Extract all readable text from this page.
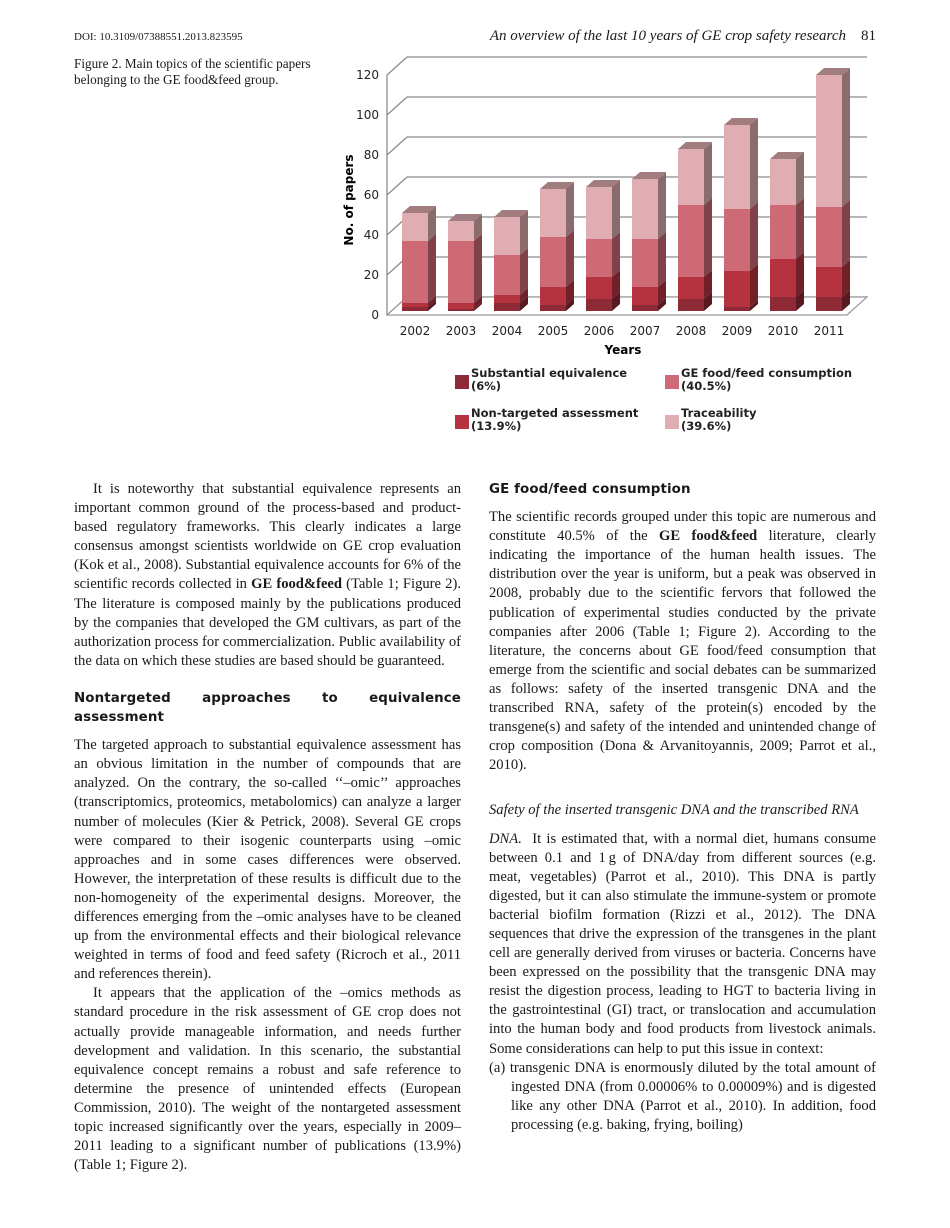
DOI: 10.3109/07388551.2013.823595	An overview of the last 10 years of GE crop safety research 81
Figure 2. Main topics of the scientific papers belonging to the GE food&feed group.
0
20
40
60
80
100
120
2002 2003 2004 2005 2006 2007 2008 2009 2010 2011
No. of papers
Years
Substantial equivalence
(6%)
GE food/feed consumption
(40.5%)
Non-targeted assessment
(13.9%)
Traceability
(39.6%)

It is noteworthy that substantial equivalence represents an important common ground of the process-based and product-based regulatory frameworks. This clearly indicates a large consensus amongst scientists worldwide on GE crop evaluation (Kok et al., 2008). Substantial equivalence accounts for 6% of the scientific records collected in GE food&feed (Table 1; Figure 2). The literature is composed mainly by the publications produced by the companies that developed the GM cultivars, as part of the authorization process for commercialization. Public availability of the data on which these studies are based should be guaranteed.

Nontargeted approaches to equivalence assessment

The targeted approach to substantial equivalence assessment has an obvious limitation in the number of compounds that are analyzed. On the contrary, the so-called ‘‘–omic’’ approaches (transcriptomics, proteomics, metabolomics) can analyze a larger number of molecules (Kier & Petrick, 2008). Several GE crops were compared to their isogenic counterparts using –omic approaches and in some cases differences were observed. However, the interpretation of these results is difficult due to the non-homogeneity of the experimental designs. Moreover, the differences emerging from the –omic analyses have to be cleaned up from the environmental effects and their biological relevance weighted in terms of food and feed safety (Ricroch et al., 2011 and references therein).

It appears that the application of the –omics methods as standard procedure in the risk assessment of GE crop does not actually provide manageable information, and needs further development and validation. In this scenario, the substantial equivalence concept remains a robust and safe reference to determine the presence of unintended effects (European Commission, 2010). The weight of the nontargeted assessment topic increased significantly over the years, especially in 2009–2011 leading to a significant number of publications (13.9%) (Table 1; Figure 2).

GE food/feed consumption

The scientific records grouped under this topic are numerous and constitute 40.5% of the GE food&feed literature, clearly indicating the importance of the human health issues. The distribution over the year is uniform, but a peak was observed in 2008, probably due to the scientific fervors that followed the publication of experimental studies conducted by the private companies after 2006 (Table 1; Figure 2). According to the literature, the concerns about GE food/feed consumption that emerge from the scientific and social debates can be summarized as follows: safety of the inserted transgenic DNA and the transcribed RNA, safety of the protein(s) encoded by the transgene(s) and safety of the intended and unintended change of crop composition (Dona & Arvanitoyannis, 2009; Parrot et al., 2010).

Safety of the inserted transgenic DNA and the transcribed RNA

DNA. It is estimated that, with a normal diet, humans consume between 0.1 and 1 g of DNA/day from different sources (e.g. meat, vegetables) (Parrot et al., 2010). This DNA is partly digested, but it can also stimulate the immune-system or promote bacterial biofilm formation (Rizzi et al., 2012). The DNA sequences that drive the expression of the transgenes in the plant cell are generally derived from viruses or bacteria. Concerns have been expressed on the possibility that the transgenic DNA may resist the digestion process, leading to HGT to bacteria living in the gastrointestinal (GI) tract, or translocation and accumulation into the human body and food products from livestock animals. Some considerations can help to put this issue in context:

(a) transgenic DNA is enormously diluted by the total amount of ingested DNA (from 0.00006% to 0.00009%) and is digested like any other DNA (Parrot et al., 2010). In addition, food processing (e.g. baking, frying, boiling)
